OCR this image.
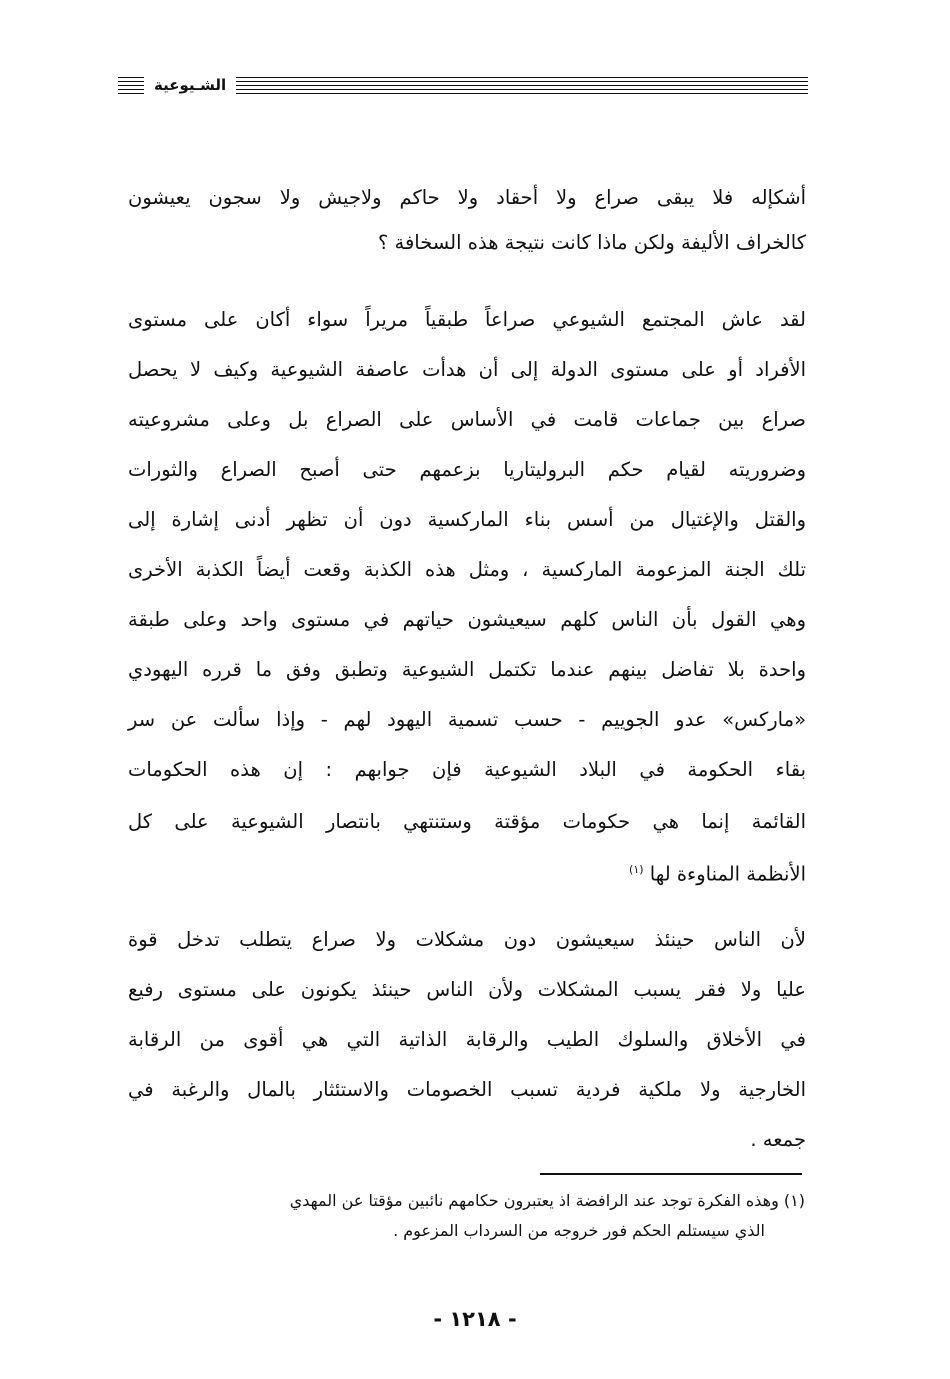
الشـيوعية
أشكإله فلا يبقى صراع ولا أحقاد ولا حاكم ولاجيش ولا سجون يعيشون
كالخراف الأليفة ولكن ماذا كانت نتيجة هذه السخافة ؟
لقد عاش المجتمع الشيوعي صراعاً طبقياً مريراً سواء أكان على مستوى
الأفراد أو على مستوى الدولة إلى أن هدأت عاصفة الشيوعية وكيف لا يحصل
صراع بين جماعات قامت في الأساس على الصراع بل وعلى مشروعيته
وضروريته لقيام حكم البروليتاريا بزعمهم حتى أصبح الصراع والثورات
والقتل والإغتيال من أسس بناء الماركسية دون أن تظهر أدنى إشارة إلى
تلك الجنة المزعومة الماركسية ، ومثل هذه الكذبة وقعت أيضاً الكذبة الأخرى
وهي القول بأن الناس كلهم سيعيشون حياتهم في مستوى واحد وعلى طبقة
واحدة بلا تفاضل بينهم عندما تكتمل الشيوعية وتطبق وفق ما قرره اليهودي
«ماركس» عدو الجوييم - حسب تسمية اليهود لهم - وإذا سألت عن سر
بقاء الحكومة في البلاد الشيوعية فإن جوابهم : إن هذه الحكومات
القائمة إنما هي حكومات مؤقتة وستنتهي بانتصار الشيوعية على كل
الأنظمة المناوءة لها $^{(١)}$
لأن الناس حينئذ سيعيشون دون مشكلات ولا صراع يتطلب تدخل قوة
عليا ولا فقر يسبب المشكلات ولأن الناس حينئذ يكونون على مستوى رفيع
في الأخلاق والسلوك الطيب والرقابة الذاتية التي هي أقوى من الرقابة
الخارجية ولا ملكية فردية تسبب الخصومات والاستئثار بالمال والرغبة في
جمعه .
(١) وهذه الفكرة توجد عند الرافضة اذ يعتبرون حكامهم نائبين مؤقتا عن المهدي
الذي سيستلم الحكم فور خروجه من السرداب المزعوم .
- ١٢١٨ -
